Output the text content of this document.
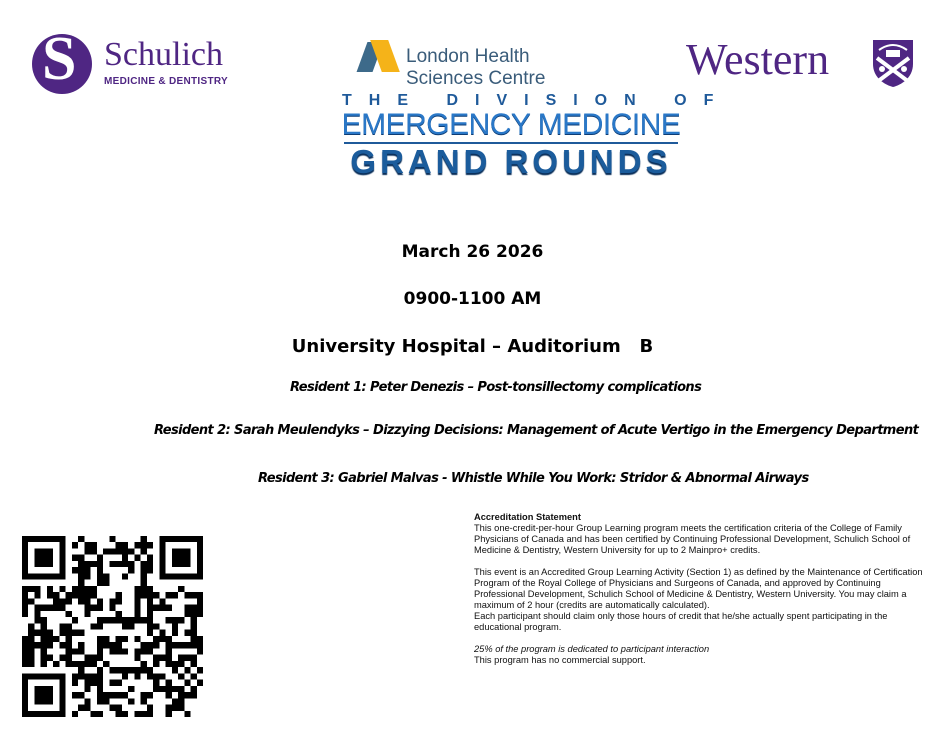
S Schulich
MEDICINE & DENTISTRY
London Health
Sciences Centre
THE DIVISION OF
EMERGENCY MEDICINE
GRAND ROUNDS
Western
March 26 2026
0900-1100 AM
University Hospital – Auditorium   B
Resident 1: Peter Denezis – Post-tonsillectomy complications
Resident 2: Sarah Meulendyks – Dizzying Decisions: Management of Acute Vertigo in the Emergency Department
Resident 3: Gabriel Malvas - Whistle While You Work: Stridor & Abnormal Airways

Accreditation Statement

This one-credit-per-hour Group Learning program meets the certification criteria of the College of Family Physicians of Canada and has been certified by Continuing Professional Development, Schulich School of Medicine & Dentistry, Western University for up to 2 Mainpro+ credits.

This event is an Accredited Group Learning Activity (Section 1) as defined by the Maintenance of Certification Program of the Royal College of Physicians and Surgeons of Canada, and approved by Continuing Professional Development, Schulich School of Medicine & Dentistry, Western University. You may claim a maximum of 2 hour (credits are automatically calculated).

Each participant should claim only those hours of credit that he/she actually spent participating in the educational program.

25% of the program is dedicated to participant interaction

This program has no commercial support.
